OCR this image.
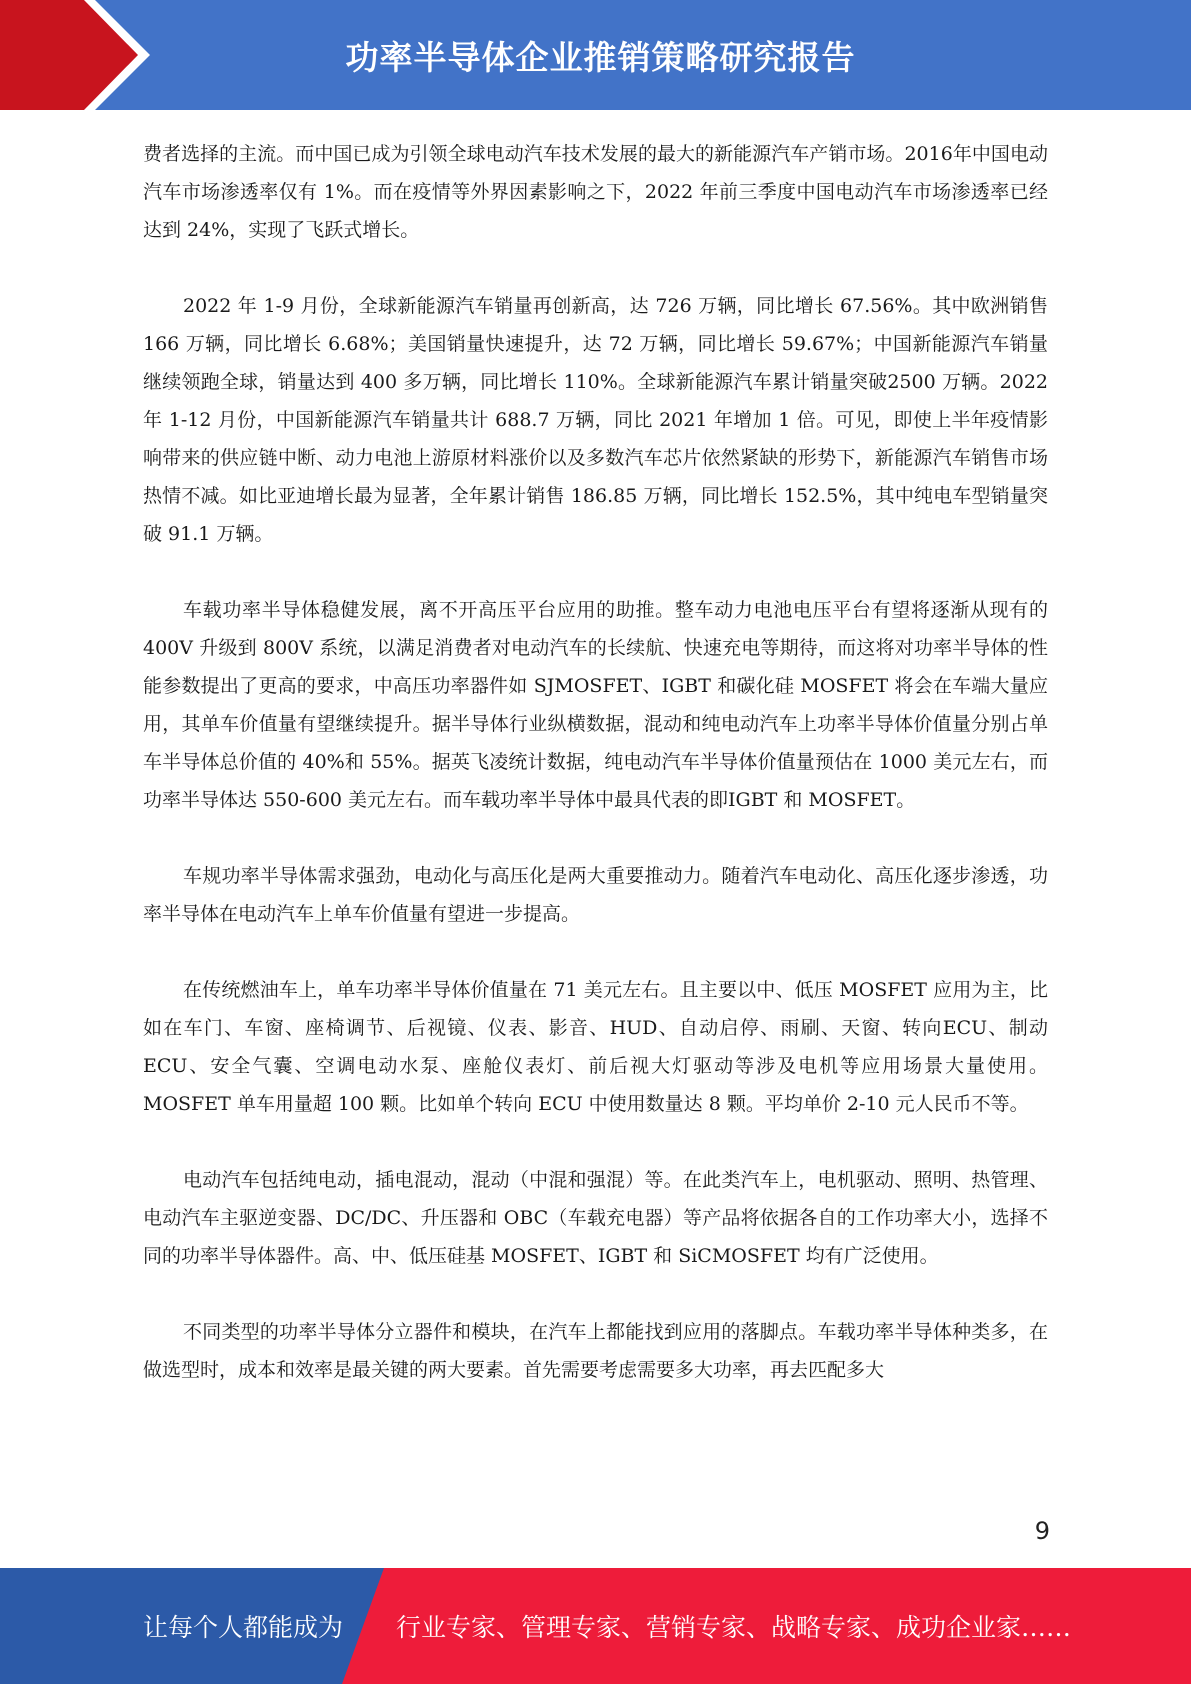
功率半导体企业推销策略研究报告

费者选择的主流。而中国已成为引领全球电动汽车技术发展的最大的新能源汽车产销市场。2016年中国电动汽车市场渗透率仅有 1%。而在疫情等外界因素影响之下，2022 年前三季度中国电动汽车市场渗透率已经达到 24%，实现了飞跃式增长。

2022 年 1-9 月份，全球新能源汽车销量再创新高，达 726 万辆，同比增长 67.56%。其中欧洲销售 166 万辆，同比增长 6.68%；美国销量快速提升，达 72 万辆，同比增长 59.67%；中国新能源汽车销量继续领跑全球，销量达到 400 多万辆，同比增长 110%。全球新能源汽车累计销量突破2500 万辆。2022 年 1-12 月份，中国新能源汽车销量共计 688.7 万辆，同比 2021 年增加 1 倍。可见，即使上半年疫情影响带来的供应链中断、动力电池上游原材料涨价以及多数汽车芯片依然紧缺的形势下，新能源汽车销售市场热情不减。如比亚迪增长最为显著，全年累计销售 186.85 万辆，同比增长 152.5%，其中纯电车型销量突破 91.1 万辆。

车载功率半导体稳健发展，离不开高压平台应用的助推。整车动力电池电压平台有望将逐渐从现有的 400V 升级到 800V 系统，以满足消费者对电动汽车的长续航、快速充电等期待，而这将对功率半导体的性能参数提出了更高的要求，中高压功率器件如 SJMOSFET、IGBT 和碳化硅 MOSFET 将会在车端大量应用，其单车价值量有望继续提升。据半导体行业纵横数据，混动和纯电动汽车上功率半导体价值量分别占单车半导体总价值的 40%和 55%。据英飞凌统计数据，纯电动汽车半导体价值量预估在 1000 美元左右，而功率半导体达 550-600 美元左右。而车载功率半导体中最具代表的即IGBT 和 MOSFET。

车规功率半导体需求强劲，电动化与高压化是两大重要推动力。随着汽车电动化、高压化逐步渗透，功率半导体在电动汽车上单车价值量有望进一步提高。

在传统燃油车上，单车功率半导体价值量在 71 美元左右。且主要以中、低压 MOSFET 应用为主，比如在车门、车窗、座椅调节、后视镜、仪表、影音、HUD、自动启停、雨刷、天窗、转向ECU、制动 ECU、安全气囊、空调电动水泵、座舱仪表灯、前后视大灯驱动等涉及电机等应用场景大量使用。MOSFET 单车用量超 100 颗。比如单个转向 ECU 中使用数量达 8 颗。平均单价 2-10 元人民币不等。

电动汽车包括纯电动，插电混动，混动（中混和强混）等。在此类汽车上，电机驱动、照明、热管理、电动汽车主驱逆变器、DC/DC、升压器和 OBC（车载充电器）等产品将依据各自的工作功率大小，选择不同的功率半导体器件。高、中、低压硅基 MOSFET、IGBT 和 SiCMOSFET 均有广泛使用。

不同类型的功率半导体分立器件和模块，在汽车上都能找到应用的落脚点。车载功率半导体种类多，在做选型时，成本和效率是最关键的两大要素。首先需要考虑需要多大功率，再去匹配多大

9
让每个人都能成为 行业专家、管理专家、营销专家、战略专家、成功企业家……
